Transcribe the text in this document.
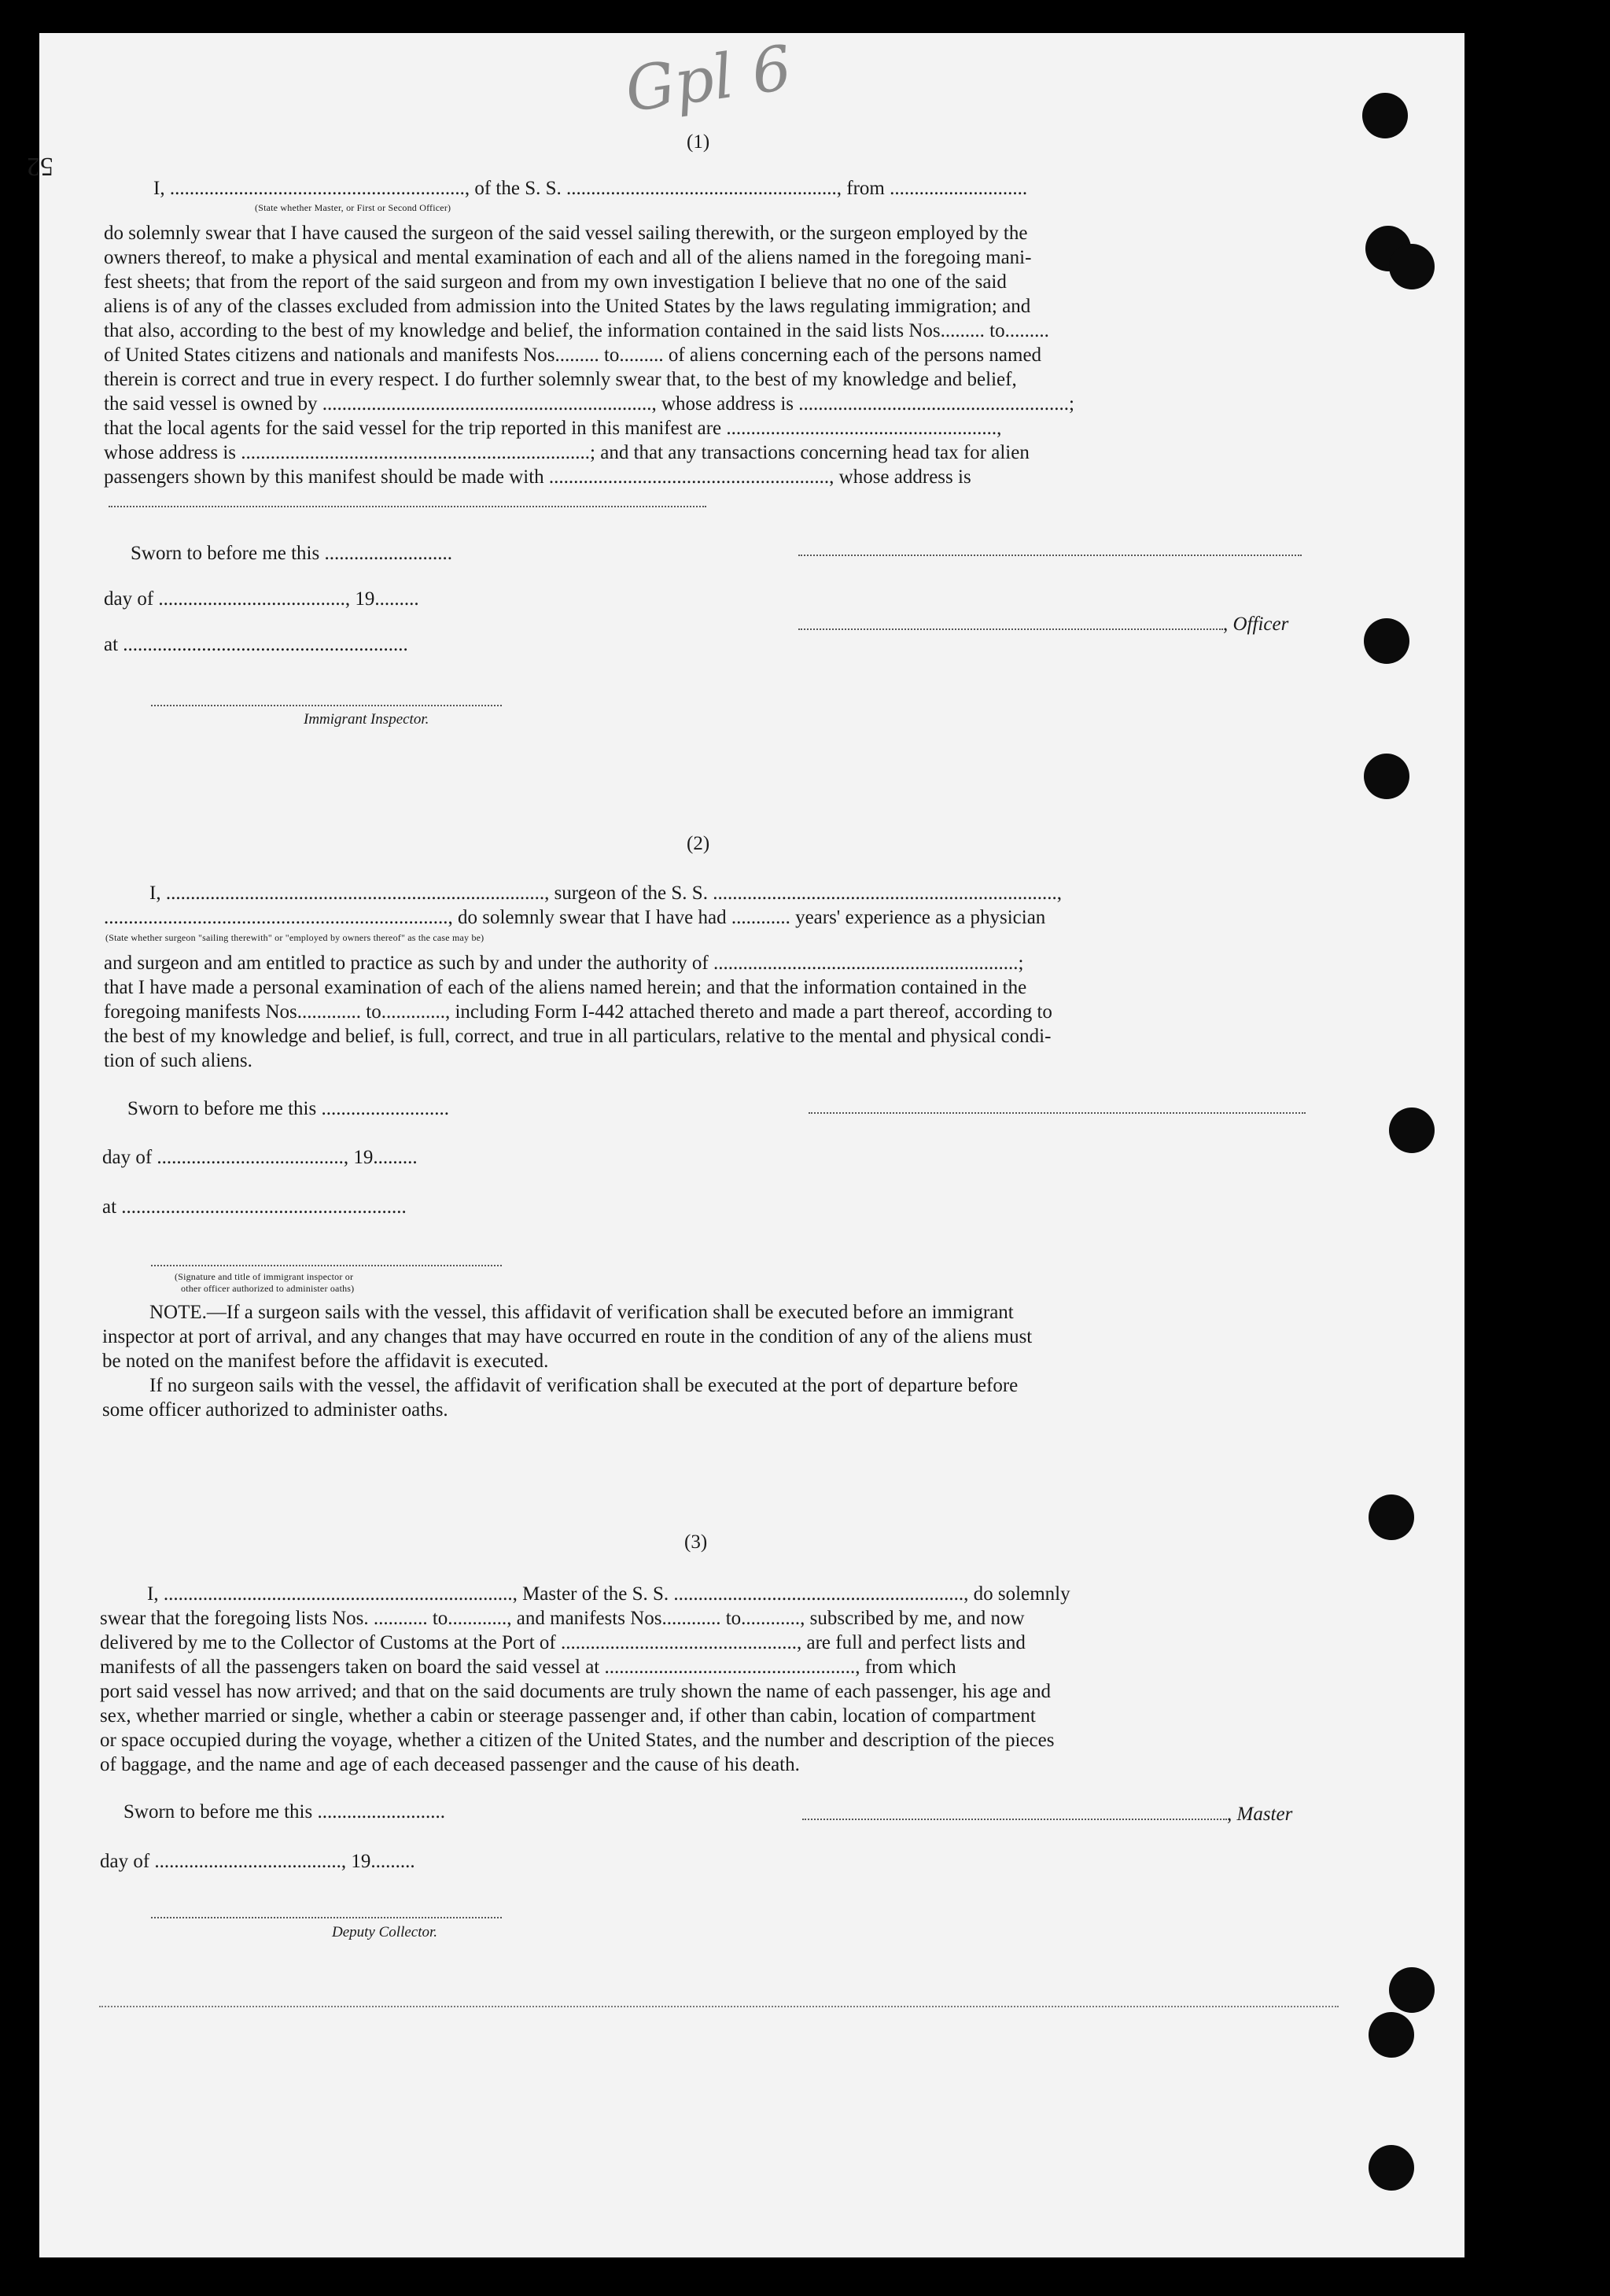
Gpl 6
52
(1)
I, ............................................................, of the S. S. ......................................................., from ............................
(State whether Master, or First or Second Officer)
do solemnly swear that I have caused the surgeon of the said vessel sailing therewith, or the surgeon employed by the
owners thereof, to make a physical and mental examination of each and all of the aliens named in the foregoing mani-
fest sheets; that from the report of the said surgeon and from my own investigation I believe that no one of the said
aliens is of any of the classes excluded from admission into the United States by the laws regulating immigration; and
that also, according to the best of my knowledge and belief, the information contained in the said lists Nos......... to.........
of United States citizens and nationals and manifests Nos......... to......... of aliens concerning each of the persons named
therein is correct and true in every respect. I do further solemnly swear that, to the best of my knowledge and belief,
the said vessel is owned by ..................................................................., whose address is .......................................................;
that the local agents for the said vessel for the trip reported in this manifest are .......................................................,
whose address is .......................................................................; and that any transactions concerning head tax for alien
passengers shown by this manifest should be made with ........................................................., whose address is
Sworn to before me this ..........................
day of ......................................, 19.........
, Officer
at ..........................................................
Immigrant Inspector.
(2)
I, ............................................................................., surgeon of the S. S. ......................................................................,
......................................................................, do solemnly swear that I have had ............ years' experience as a physician
(State whether surgeon "sailing therewith" or "employed by owners thereof" as the case may be)
and surgeon and am entitled to practice as such by and under the authority of ..............................................................;
that I have made a personal examination of each of the aliens named herein; and that the information contained in the
foregoing manifests Nos............. to............., including Form I-442 attached thereto and made a part thereof, according to
the best of my knowledge and belief, is full, correct, and true in all particulars, relative to the mental and physical condi-
tion of such aliens.
Sworn to before me this ..........................
day of ......................................, 19.........
at ..........................................................
(Signature and title of immigrant inspector or
other officer authorized to administer oaths)
NOTE.—If a surgeon sails with the vessel, this affidavit of verification shall be executed before an immigrant
inspector at port of arrival, and any changes that may have occurred en route in the condition of any of the aliens must
be noted on the manifest before the affidavit is executed.
If no surgeon sails with the vessel, the affidavit of verification shall be executed at the port of departure before
some officer authorized to administer oaths.
(3)
I, ......................................................................., Master of the S. S. ..........................................................., do solemnly
swear that the foregoing lists Nos. ........... to............, and manifests Nos............ to............, subscribed by me, and now
delivered by me to the Collector of Customs at the Port of ................................................, are full and perfect lists and
manifests of all the passengers taken on board the said vessel at ..................................................., from which
port said vessel has now arrived; and that on the said documents are truly shown the name of each passenger, his age and
sex, whether married or single, whether a cabin or steerage passenger and, if other than cabin, location of compartment
or space occupied during the voyage, whether a citizen of the United States, and the number and description of the pieces
of baggage, and the name and age of each deceased passenger and the cause of his death.
Sworn to before me this ..........................	, Master
day of ......................................, 19.........
Deputy Collector.
